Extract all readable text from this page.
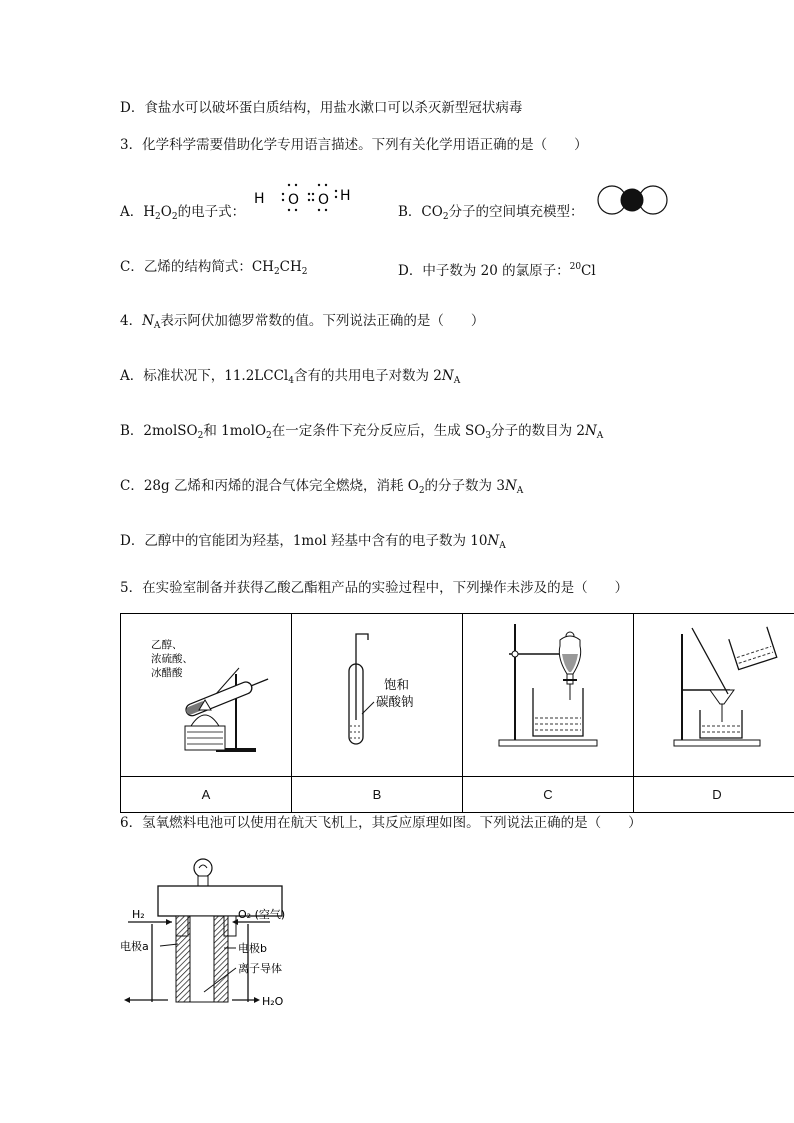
D．食盐水可以破坏蛋白质结构，用盐水漱口可以杀灭新型冠状病毒
3．化学科学需要借助化学专用语言描述。下列有关化学用语正确的是（　　）
A．$H_2O_2$的电子式：
H O O H
B．$CO_2$分子的空间填充模型：
C．乙烯的结构简式：$CH_2CH_2$	D．中子数为 20 的氯原子：$^{20}$Cl
4．$N_A$表示阿伏加德罗常数的值。下列说法正确的是（　　）
A．标准状况下，11.2LCCl$_4$含有的共用电子对数为 $2N_A$
B．2molSO$_2$和 1molO$_2$在一定条件下充分反应后，生成 $SO_3$分子的数目为 $2N_A$
C．28g 乙烯和丙烯的混合气体完全燃烧，消耗 $O_2$的分子数为 $3N_A$
D．乙醇中的官能团为羟基，1mol 羟基中含有的电子数为 $10N_A$
5．在实验室制备并获得乙酸乙酯粗产品的实验过程中，下列操作未涉及的是（　　）
乙醇、
浓硫酸、
冰醋酸	饱和
碳酸钠

A	B	C	D
6．氢氧燃料电池可以使用在航天飞机上，其反应原理如图。下列说法正确的是（　　）
H₂	O₂ (空气)
电极a	电极b
离子导体
H₂O
